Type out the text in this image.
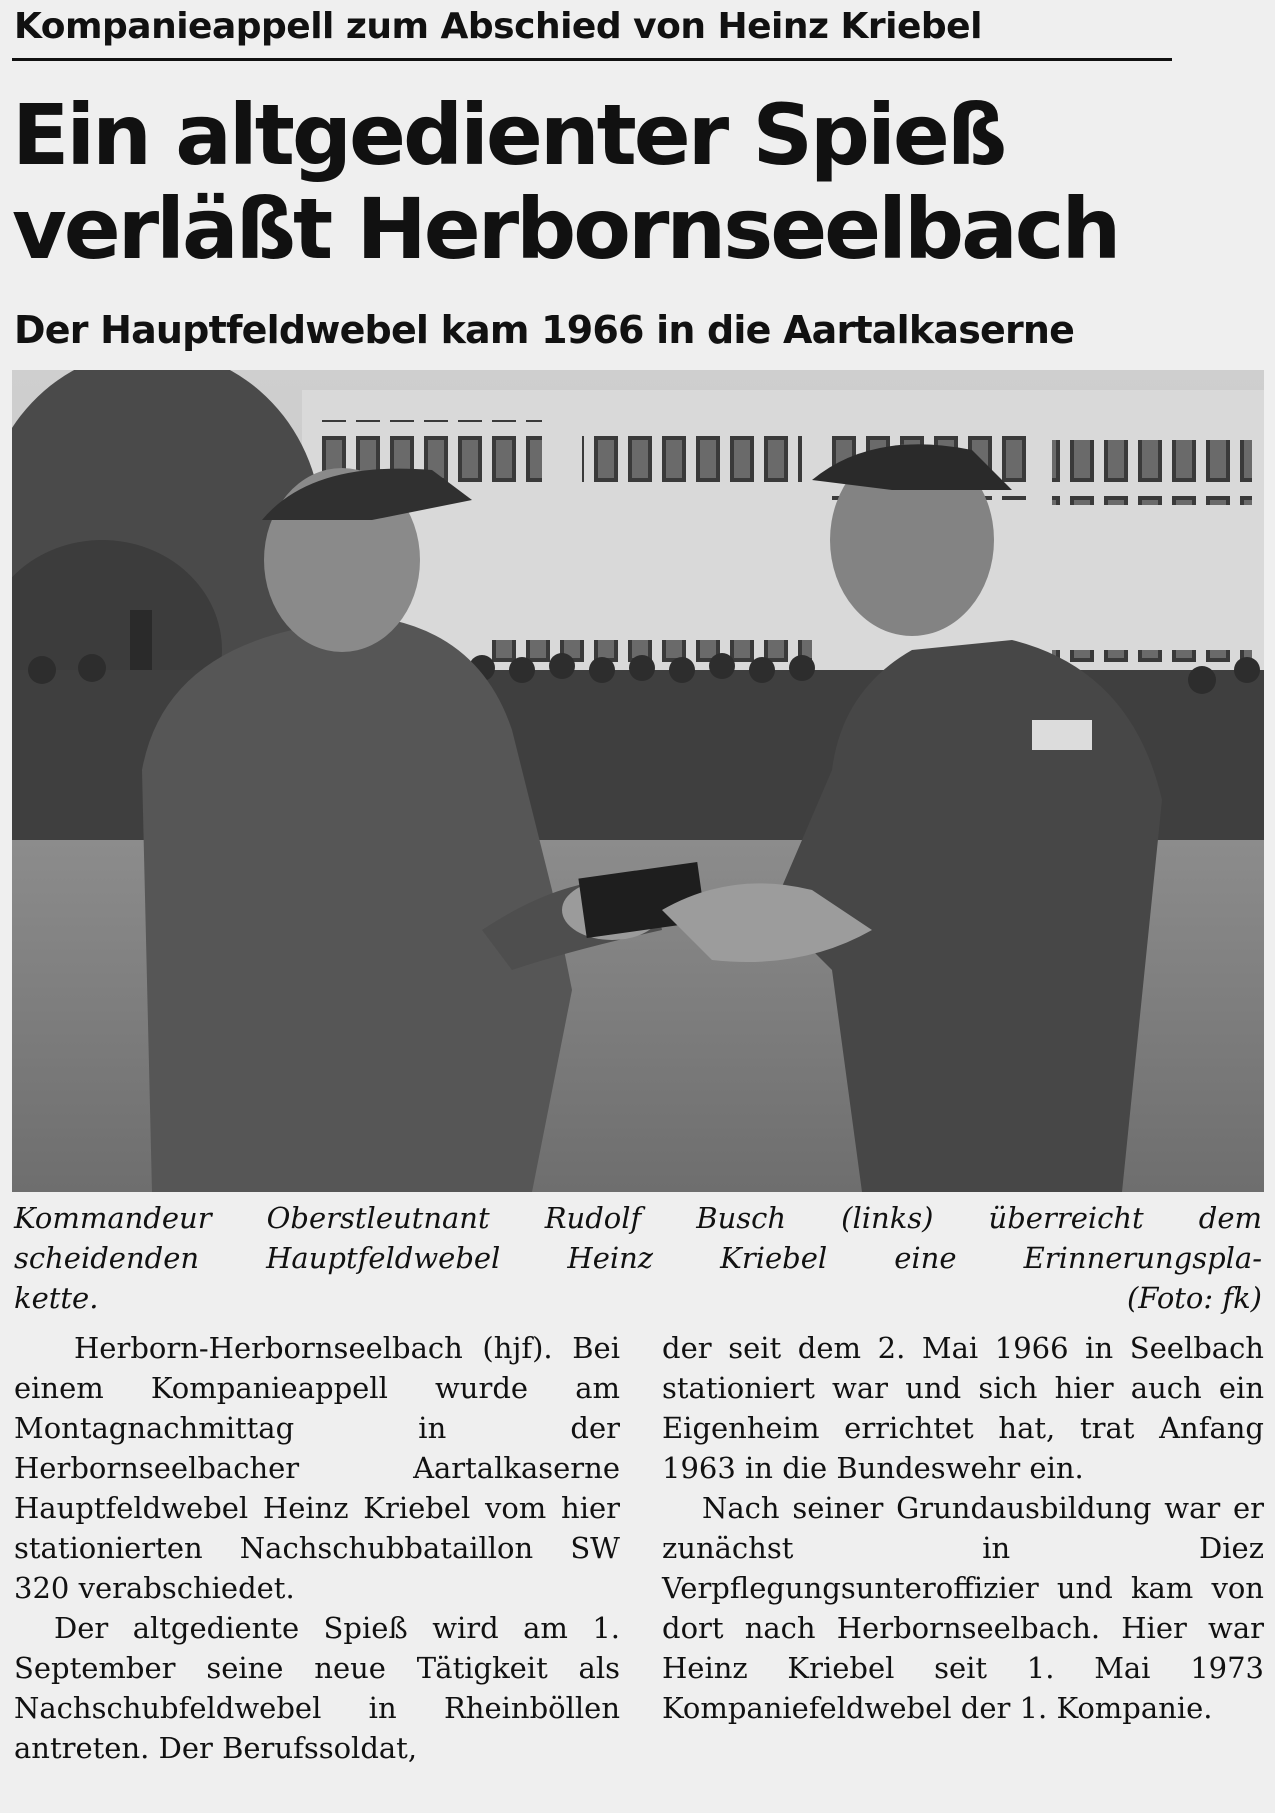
Kompanieappell zum Abschied von Heinz Kriebel
Ein altgedienter Spieß
verläßt Herbornseelbach
Der Hauptfeldwebel kam 1966 in die Aartalkaserne
Kommandeur Oberstleutnant Rudolf Busch (links) überreicht dem
scheidenden Hauptfeldwebel Heinz Kriebel eine Erinnerungspla-
kette.	(Foto: fk)

Herborn-Herbornseelbach (hjf). Bei einem Kompanieappell wurde am Montagnachmittag in der Herbornseelbacher Aartalkaserne Hauptfeldwebel Heinz Kriebel vom hier stationierten Nachschubbataillon SW 320 verabschiedet.

Der altgediente Spieß wird am 1. September seine neue Tätigkeit als Nachschubfeldwebel in Rheinböllen antreten. Der Berufssoldat,

der seit dem 2. Mai 1966 in Seelbach stationiert war und sich hier auch ein Eigenheim errichtet hat, trat Anfang 1963 in die Bundeswehr ein.

Nach seiner Grundausbildung war er zunächst in Diez Verpflegungsunteroffizier und kam von dort nach Herbornseelbach. Hier war Heinz Kriebel seit 1. Mai 1973 Kompaniefeldwebel der 1. Kompanie.
